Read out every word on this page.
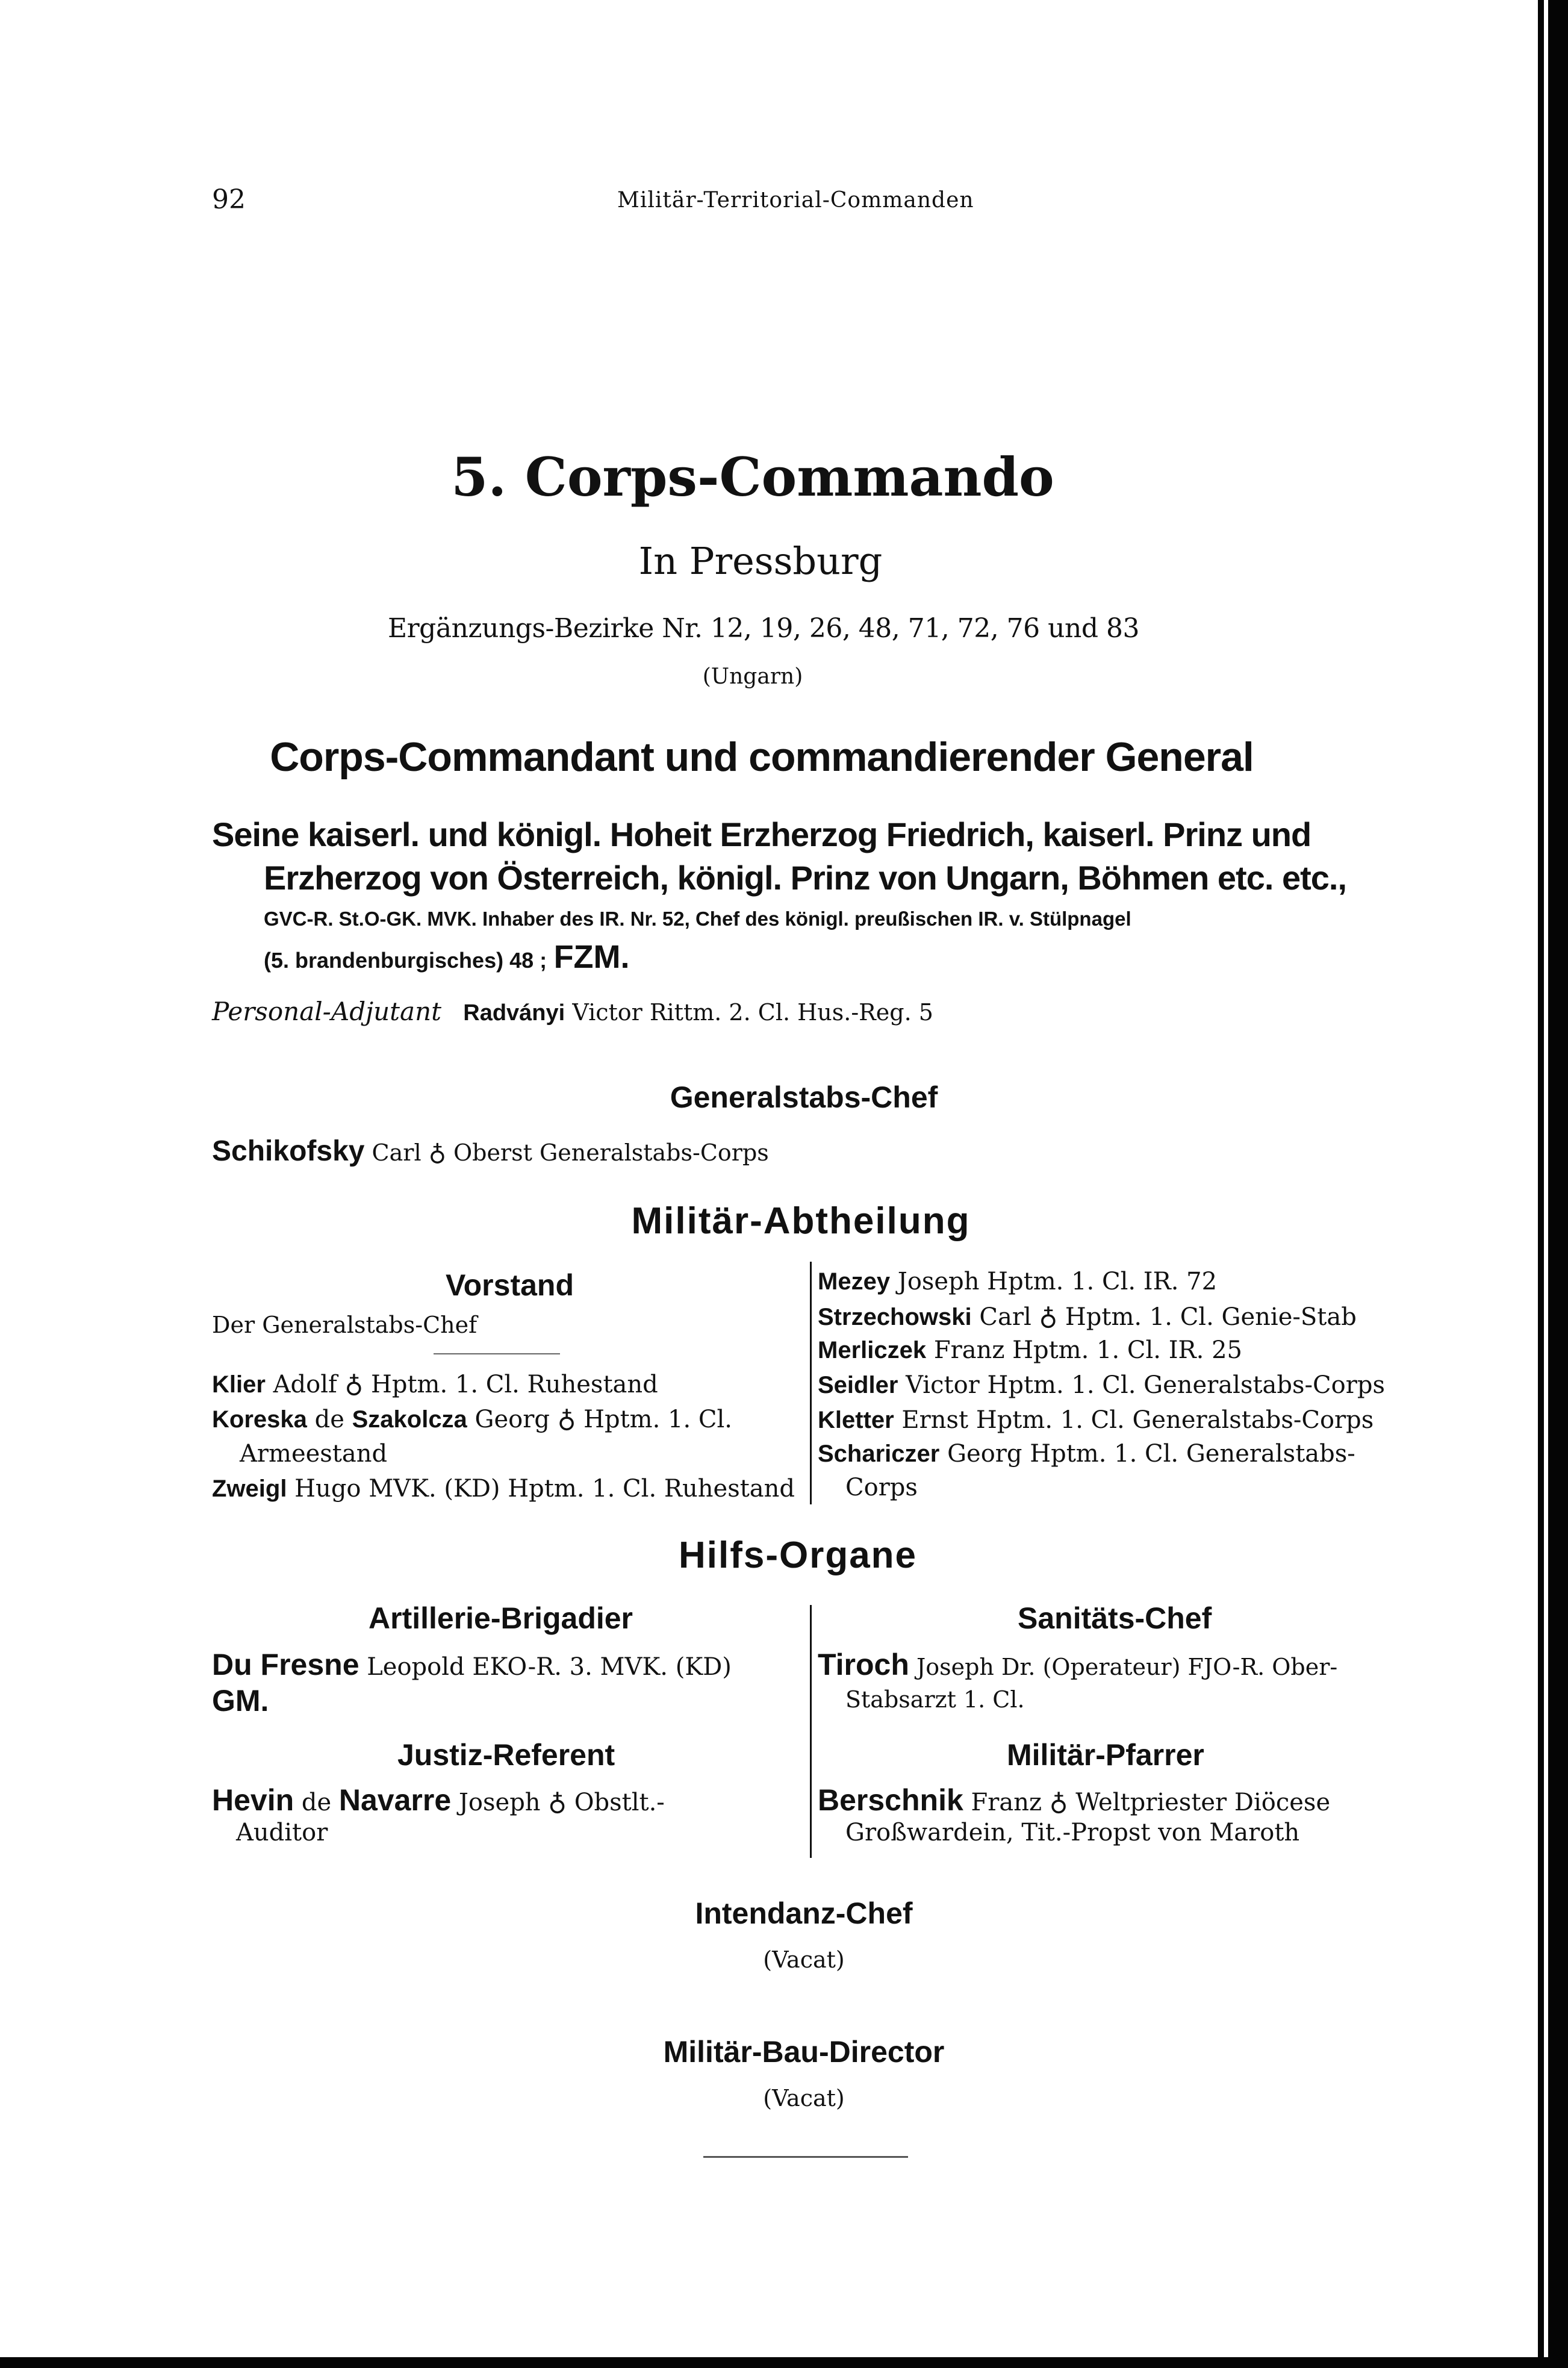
92	Militär-Territorial-Commanden
5. Corps-Commando
In Pressburg
Ergänzungs-Bezirke Nr. 12, 19, 26, 48, 71, 72, 76 und 83
(Ungarn)
Corps-Commandant und commandierender General
Seine kaiserl. und königl. Hoheit Erzherzog Friedrich, kaiserl. Prinz und
Erzherzog von Österreich, königl. Prinz von Ungarn, Böhmen etc. etc.,
GVC-R. St.O-GK. MVK. Inhaber des IR. Nr. 52, Chef des königl. preußischen IR. v. Stülpnagel
(5. brandenburgisches) 48 ; FZM.
Personal-Adjutant Radványi Victor Rittm. 2. Cl. Hus.-Reg. 5
Generalstabs-Chef
Schikofsky Carl ♁ Oberst Generalstabs-Corps
Militär-Abtheilung
Vorstand
Der Generalstabs-Chef
Klier Adolf ♁ Hptm. 1. Cl. Ruhestand
Koreska de Szakolcza Georg ♁ Hptm. 1. Cl.
Armeestand
Zweigl Hugo MVK. (KD) Hptm. 1. Cl. Ruhestand
Mezey Joseph Hptm. 1. Cl. IR. 72
Strzechowski Carl ♁ Hptm. 1. Cl. Genie-Stab
Merliczek Franz Hptm. 1. Cl. IR. 25
Seidler Victor Hptm. 1. Cl. Generalstabs-Corps
Kletter Ernst Hptm. 1. Cl. Generalstabs-Corps
Schariczer Georg Hptm. 1. Cl. Generalstabs-
Corps
Hilfs-Organe
Artillerie-Brigadier
Du Fresne Leopold EKO-R. 3. MVK. (KD)
GM.
Justiz-Referent
Hevin de Navarre Joseph ♁ Obstlt.-
Auditor
Sanitäts-Chef
Tiroch Joseph Dr. (Operateur) FJO-R. Ober-
Stabsarzt 1. Cl.
Militär-Pfarrer
Berschnik Franz ♁ Weltpriester Diöcese
Großwardein, Tit.-Propst von Maroth
Intendanz-Chef
(Vacat)
Militär-Bau-Director
(Vacat)
